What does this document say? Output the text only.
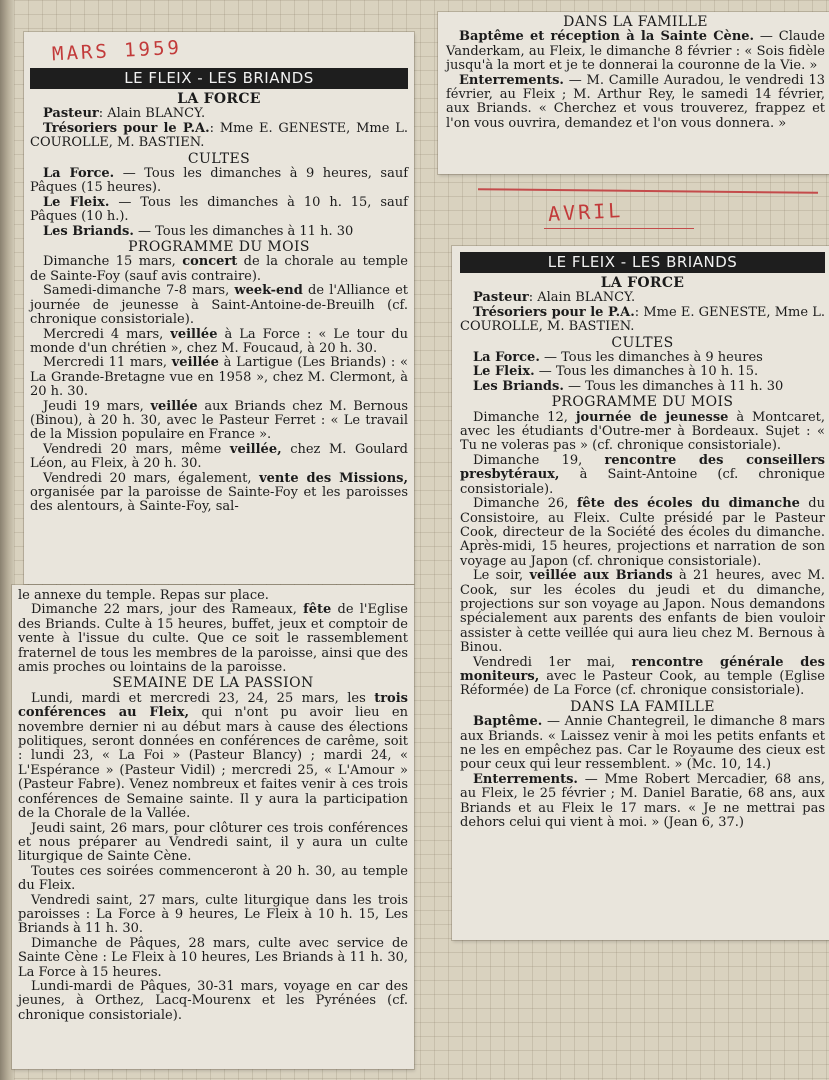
LE FLEIX - LES BRIANDS
LA FORCE

Pasteur: Alain BLANCY.

Trésoriers pour le P.A.: Mme E. GENESTE, Mme L. COUROLLE, M. BASTIEN.

CULTES

La Force. — Tous les dimanches à 9 heures, sauf Pâques (15 heures).

Le Fleix. — Tous les dimanches à 10 h. 15, sauf Pâques (10 h.).

Les Briands. — Tous les dimanches à 11 h. 30

PROGRAMME DU MOIS

Dimanche 15 mars, concert de la chorale au temple de Sainte-Foy (sauf avis contraire).

Samedi-dimanche 7-8 mars, week-end de l'Alliance et journée de jeunesse à Saint-Antoine-de-Breuilh (cf. chronique consistoriale).

Mercredi 4 mars, veillée à La Force : « Le tour du monde d'un chrétien », chez M. Foucaud, à 20 h. 30.

Mercredi 11 mars, veillée à Lartigue (Les Briands) : « La Grande-Bretagne vue en 1958 », chez M. Clermont, à 20 h. 30.

Jeudi 19 mars, veillée aux Briands chez M. Bernous (Binou), à 20 h. 30, avec le Pasteur Ferret : « Le travail de la Mission populaire en France ».

Vendredi 20 mars, même veillée, chez M. Goulard Léon, au Fleix, à 20 h. 30.

Vendredi 20 mars, également, vente des Missions, organisée par la paroisse de Sainte-Foy et les paroisses des alentours, à Sainte-Foy, sal-

le annexe du temple. Repas sur place.

Dimanche 22 mars, jour des Rameaux, fête de l'Eglise des Briands. Culte à 15 heures, buffet, jeux et comptoir de vente à l'issue du culte. Que ce soit le rassemblement fraternel de tous les membres de la paroisse, ainsi que des amis proches ou lointains de la paroisse.

SEMAINE DE LA PASSION

Lundi, mardi et mercredi 23, 24, 25 mars, les trois conférences au Fleix, qui n'ont pu avoir lieu en novembre dernier ni au début mars à cause des élections politiques, seront données en conférences de carême, soit : lundi 23, « La Foi » (Pasteur Blancy) ; mardi 24, « L'Espérance » (Pasteur Vidil) ; mercredi 25, « L'Amour » (Pasteur Fabre). Venez nombreux et faites venir à ces trois conférences de Semaine sainte. Il y aura la participation de la Chorale de la Vallée.

Jeudi saint, 26 mars, pour clôturer ces trois conférences et nous préparer au Vendredi saint, il y aura un culte liturgique de Sainte Cène.

Toutes ces soirées commenceront à 20 h. 30, au temple du Fleix.

Vendredi saint, 27 mars, culte liturgique dans les trois paroisses : La Force à 9 heures, Le Fleix à 10 h. 15, Les Briands à 11 h. 30.

Dimanche de Pâques, 28 mars, culte avec service de Sainte Cène : Le Fleix à 10 heures, Les Briands à 11 h. 30, La Force à 15 heures.

Lundi-mardi de Pâques, 30-31 mars, voyage en car des jeunes, à Orthez, Lacq-Mourenx et les Pyrénées (cf. chronique consistoriale).

MARS 1959
DANS LA FAMILLE

Baptême et réception à la Sainte Cène. — Claude Vanderkam, au Fleix, le dimanche 8 février : « Sois fidèle jusqu'à la mort et je te donnerai la couronne de la Vie. »

Enterrements. — M. Camille Auradou, le vendredi 13 février, au Fleix ; M. Arthur Rey, le samedi 14 février, aux Briands. « Cherchez et vous trouverez, frappez et l'on vous ouvrira, demandez et l'on vous donnera. »

AVRIL
LE FLEIX - LES BRIANDS
LA FORCE

Pasteur: Alain BLANCY.

Trésoriers pour le P.A.: Mme E. GENESTE, Mme L. COUROLLE, M. BASTIEN.

CULTES

La Force. — Tous les dimanches à 9 heures

Le Fleix. — Tous les dimanches à 10 h. 15.

Les Briands. — Tous les dimanches à 11 h. 30

PROGRAMME DU MOIS

Dimanche 12, journée de jeunesse à Montcaret, avec les étudiants d'Outre-mer à Bordeaux. Sujet : « Tu ne voleras pas » (cf. chronique consistoriale).

Dimanche 19, rencontre des conseillers presbytéraux, à Saint-Antoine (cf. chronique consistoriale).

Dimanche 26, fête des écoles du dimanche du Consistoire, au Fleix. Culte présidé par le Pasteur Cook, directeur de la Société des écoles du dimanche. Après-midi, 15 heures, projections et narration de son voyage au Japon (cf. chronique consistoriale).

Le soir, veillée aux Briands à 21 heures, avec M. Cook, sur les écoles du jeudi et du dimanche, projections sur son voyage au Japon. Nous demandons spécialement aux parents des enfants de bien vouloir assister à cette veillée qui aura lieu chez M. Bernous à Binou.

Vendredi 1er mai, rencontre générale des moniteurs, avec le Pasteur Cook, au temple (Eglise Réformée) de La Force (cf. chronique consistoriale).

DANS LA FAMILLE

Baptême. — Annie Chantegreil, le dimanche 8 mars aux Briands. « Laissez venir à moi les petits enfants et ne les en empêchez pas. Car le Royaume des cieux est pour ceux qui leur ressemblent. » (Mc. 10, 14.)

Enterrements. — Mme Robert Mercadier, 68 ans, au Fleix, le 25 février ; M. Daniel Baratie, 68 ans, aux Briands et au Fleix le 17 mars. « Je ne mettrai pas dehors celui qui vient à moi. » (Jean 6, 37.)
